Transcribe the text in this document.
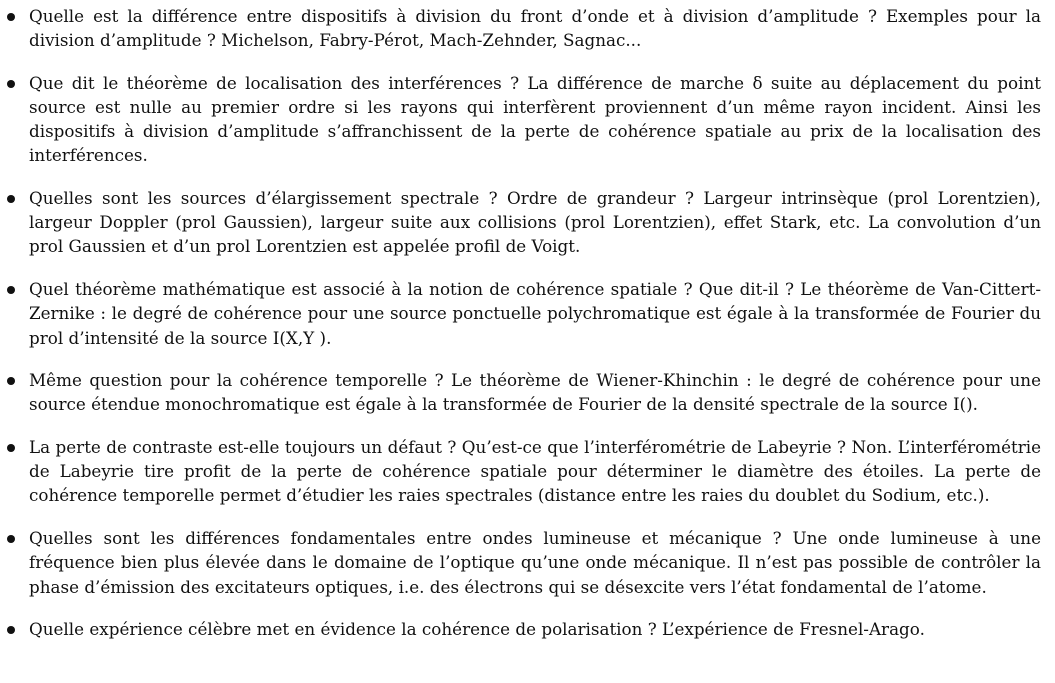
Quelle est la différence entre dispositifs à division du front d’onde et à division d’amplitude ? Exemples pour la division d’amplitude ? Michelson, Fabry-Pérot, Mach-Zehnder, Sagnac...
Que dit le théorème de localisation des interférences ? La différence de marche δ suite au déplacement du point source est nulle au premier ordre si les rayons qui interfèrent proviennent d’un même rayon incident. Ainsi les dispositifs à division d’amplitude s’affranchissent de la perte de cohérence spatiale au prix de la localisation des interférences.
Quelles sont les sources d’élargissement spectrale ? Ordre de grandeur ? Largeur intrinsèque (prol Lorentzien), largeur Doppler (prol Gaussien), largeur suite aux collisions (prol Lorentzien), effet Stark, etc. La convolution d’un prol Gaussien et d’un prol Lorentzien est appelée profil de Voigt.
Quel théorème mathématique est associé à la notion de cohérence spatiale ? Que dit-il ? Le théorème de Van-Cittert-Zernike : le degré de cohérence pour une source ponctuelle polychromatique est égale à la transformée de Fourier du prol d’intensité de la source I(X,Y ).
Même question pour la cohérence temporelle ? Le théorème de Wiener-Khinchin : le degré de cohérence pour une source étendue monochromatique est égale à la transformée de Fourier de la densité spectrale de la source I().
La perte de contraste est-elle toujours un défaut ? Qu’est-ce que l’interférométrie de Labeyrie ? Non. L’interférométrie de Labeyrie tire profit de la perte de cohérence spatiale pour déterminer le diamètre des étoiles. La perte de cohérence temporelle permet d’étudier les raies spectrales (distance entre les raies du doublet du Sodium, etc.).
Quelles sont les différences fondamentales entre ondes lumineuse et mécanique ? Une onde lumineuse à une fréquence bien plus élevée dans le domaine de l’optique qu’une onde mécanique. Il n’est pas possible de contrôler la phase d’émission des excitateurs optiques, i.e. des électrons qui se désexcite vers l’état fondamental de l’atome.
Quelle expérience célèbre met en évidence la cohérence de polarisation ? L’expérience de Fresnel-Arago.
